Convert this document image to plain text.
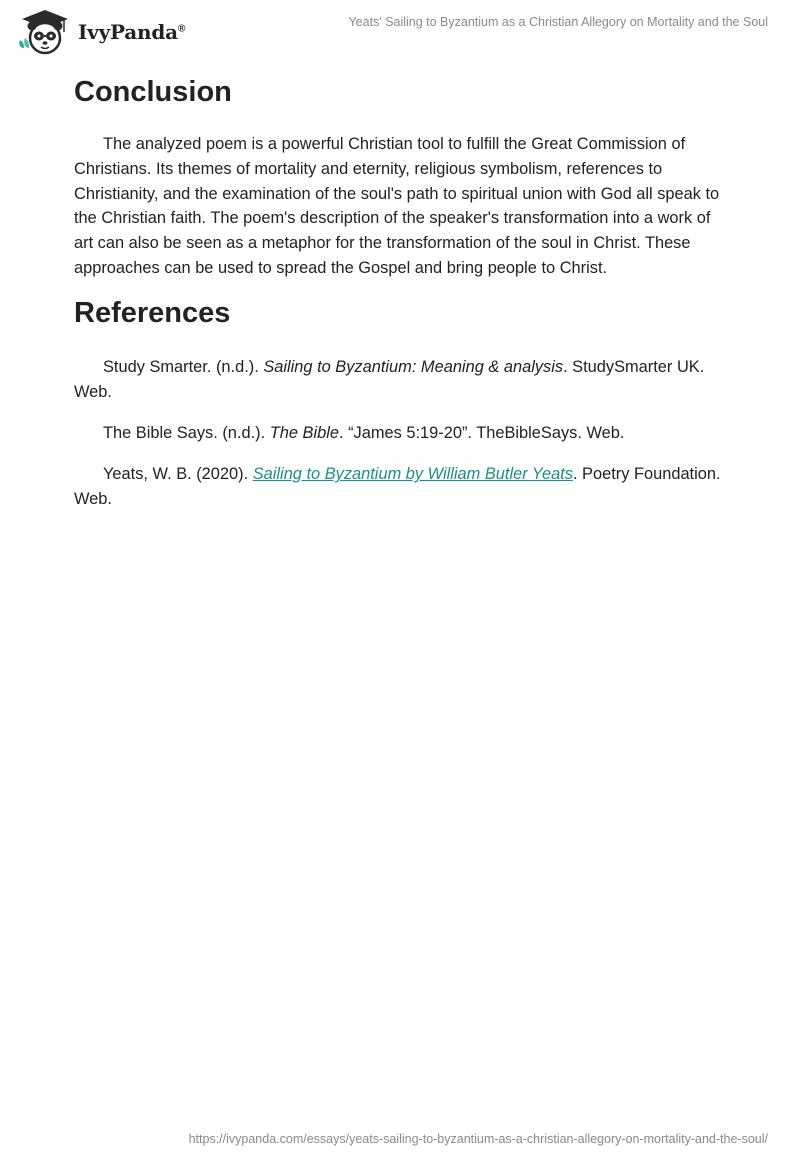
IvyPanda®	Yeats' Sailing to Byzantium as a Christian Allegory on Mortality and the Soul
Conclusion

The analyzed poem is a powerful Christian tool to fulfill the Great Commission of Christians. Its themes of mortality and eternity, religious symbolism, references to Christianity, and the examination of the soul's path to spiritual union with God all speak to the Christian faith. The poem's description of the speaker's transformation into a work of art can also be seen as a metaphor for the transformation of the soul in Christ. These approaches can be used to spread the Gospel and bring people to Christ.

References

Study Smarter. (n.d.). Sailing to Byzantium: Meaning & analysis. StudySmarter UK. Web.

The Bible Says. (n.d.). The Bible. “James 5:19-20”. TheBibleSays. Web.

Yeats, W. B. (2020). Sailing to Byzantium by William Butler Yeats. Poetry Foundation. Web.

https://ivypanda.com/essays/yeats-sailing-to-byzantium-as-a-christian-allegory-on-mortality-and-the-soul/
